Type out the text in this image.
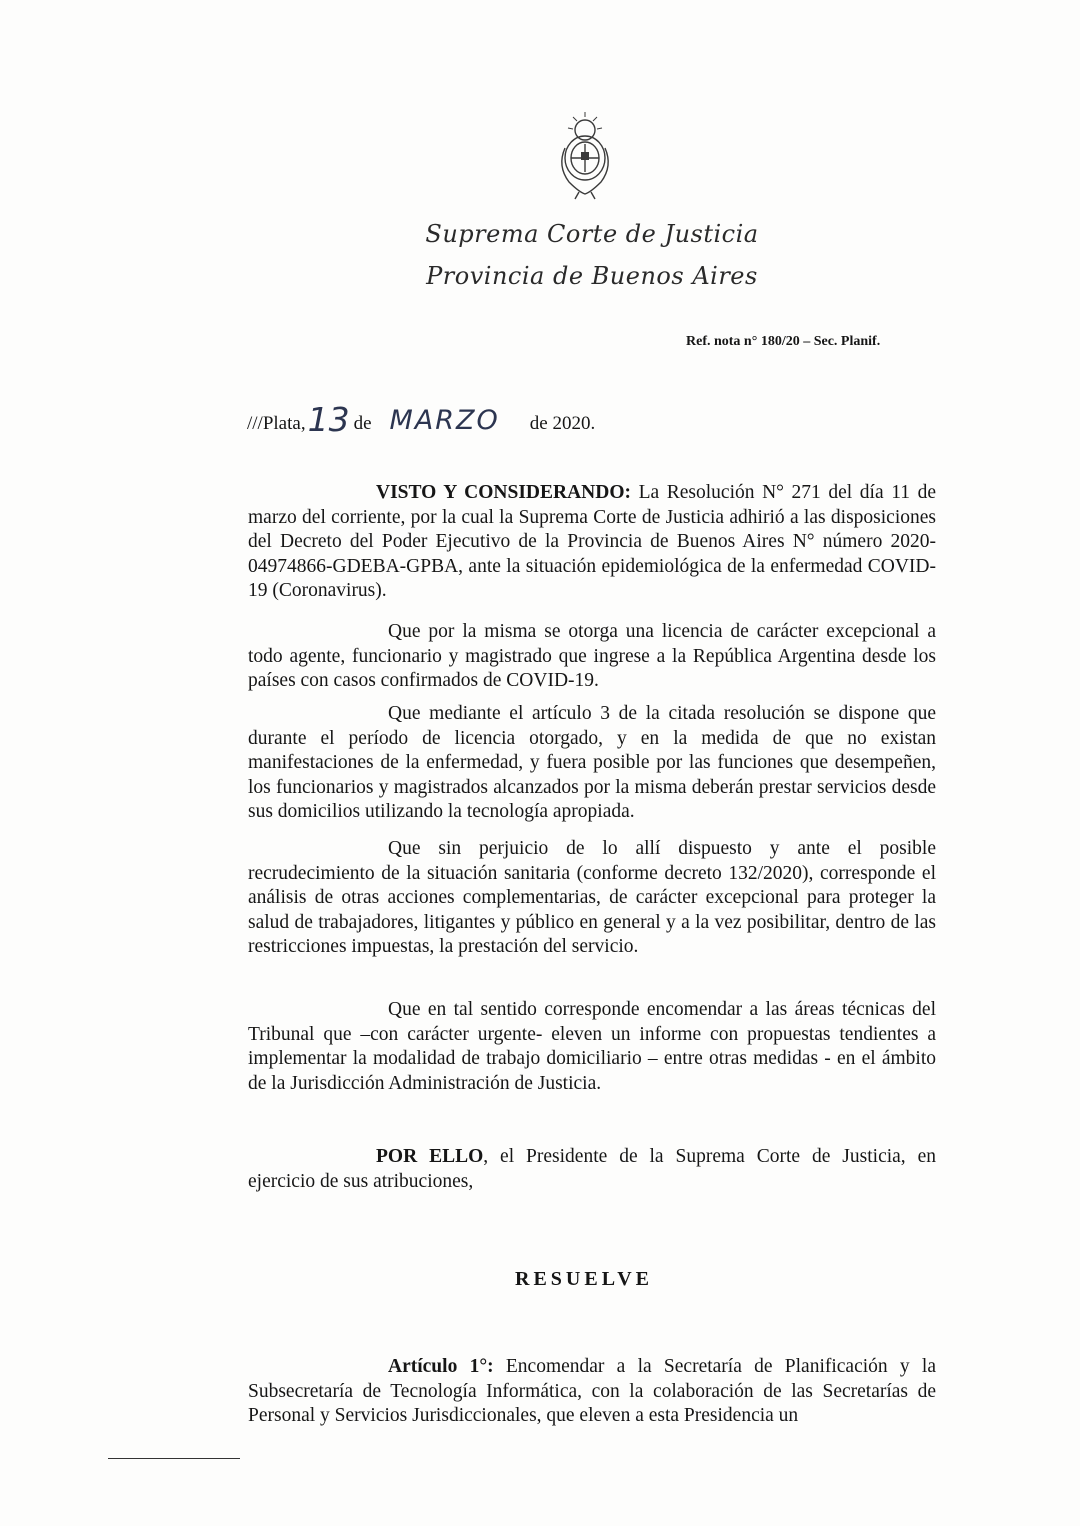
Suprema Corte de Justicia
Provincia de Buenos Aires
Ref. nota n° 180/20 – Sec. Planif.
///Plata,13 de MARZO de 2020.

VISTO Y CONSIDERANDO: La Resolución N° 271 del día 11 de marzo del corriente, por la cual la Suprema Corte de Justicia adhirió a las disposiciones del Decreto del Poder Ejecutivo de la Provincia de Buenos Aires N° número 2020-04974866-GDEBA-GPBA, ante la situación epidemiológica de la enfermedad COVID-19 (Coronavirus).

Que por la misma se otorga una licencia de carácter excepcional a todo agente, funcionario y magistrado que ingrese a la República Argentina desde los países con casos confirmados de COVID-19.

Que mediante el artículo 3 de la citada resolución se dispone que durante el período de licencia otorgado, y en la medida de que no existan manifestaciones de la enfermedad, y fuera posible por las funciones que desempeñen, los funcionarios y magistrados alcanzados por la misma deberán prestar servicios desde sus domicilios utilizando la tecnología apropiada.

Que sin perjuicio de lo allí dispuesto y ante el posible recrudecimiento de la situación sanitaria (conforme decreto 132/2020), corresponde el análisis de otras acciones complementarias, de carácter excepcional para proteger la salud de trabajadores, litigantes y público en general y a la vez posibilitar, dentro de las restricciones impuestas, la prestación del servicio.

Que en tal sentido corresponde encomendar a las áreas técnicas del Tribunal que –con carácter urgente- eleven un informe con propuestas tendientes a implementar la modalidad de trabajo domiciliario – entre otras medidas - en el ámbito de la Jurisdicción Administración de Justicia.

POR ELLO, el Presidente de la Suprema Corte de Justicia, en ejercicio de sus atribuciones,

RESUELVE

Artículo 1°: Encomendar a la Secretaría de Planificación y la Subsecretaría de Tecnología Informática, con la colaboración de las Secretarías de Personal y Servicios Jurisdiccionales, que eleven a esta Presidencia un
